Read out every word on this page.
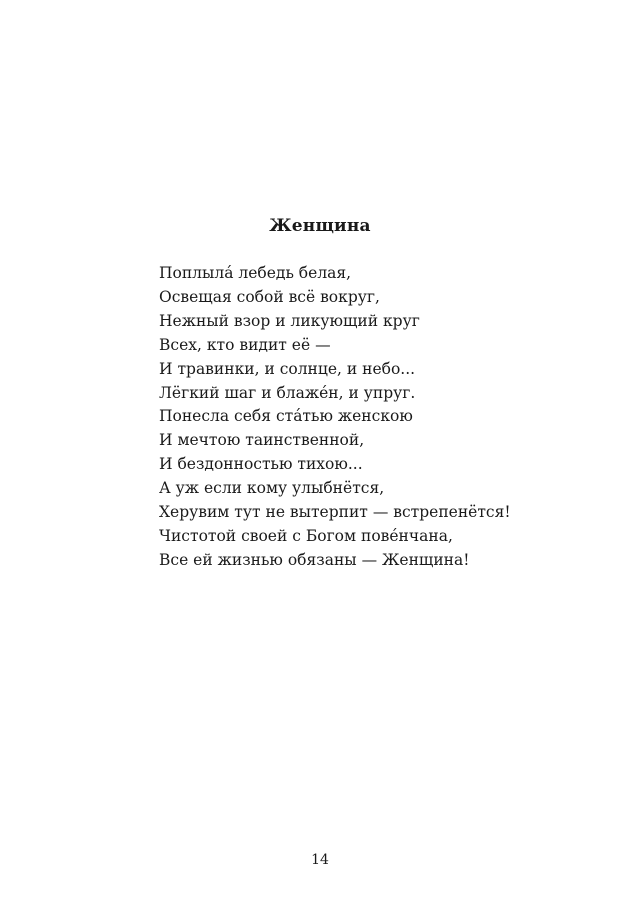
Женщина
Поплыла́ лебедь белая,
Освещая собой всё вокруг,
Нежный взор и ликующий круг
Всех, кто видит её —
И травинки, и солнце, и небо...
Лёгкий шаг и блаже́н, и упруг.
Понесла себя ста́тью женскою
И мечтою таинственной,
И бездонностью тихою...
А уж если кому улыбнётся,
Херувим тут не вытерпит — встрепенётся!
Чистотой своей с Богом пове́нчана,
Все ей жизнью обязаны — Женщина!
14
